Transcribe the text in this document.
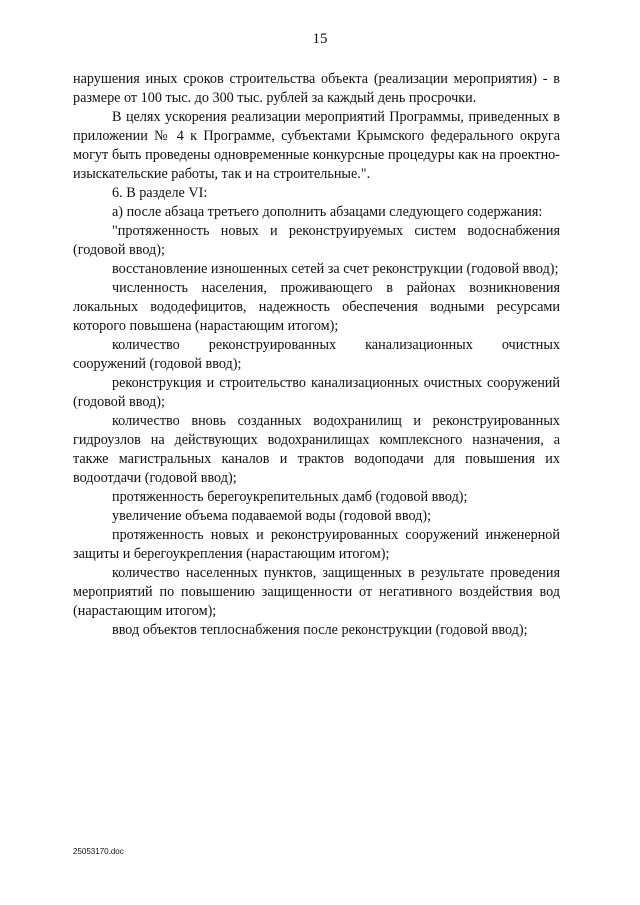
15

нарушения иных сроков строительства объекта (реализации мероприятия) - в размере от 100 тыс. до 300 тыс. рублей за каждый день просрочки.

В целях ускорения реализации мероприятий Программы, приведенных в приложении № 4 к Программе, субъектами Крымского федерального округа могут быть проведены одновременные конкурсные процедуры как на проектно-изыскательские работы, так и на строительные.".

6. В разделе VI:

а) после абзаца третьего дополнить абзацами следующего содержания:

"протяженность новых и реконструируемых систем водоснабжения (годовой ввод);

восстановление изношенных сетей за счет реконструкции (годовой ввод);

численность населения, проживающего в районах возникновения локальных вододефицитов, надежность обеспечения водными ресурсами которого повышена (нарастающим итогом);

количество реконструированных канализационных очистных сооружений (годовой ввод);

реконструкция и строительство канализационных очистных сооружений (годовой ввод);

количество вновь созданных водохранилищ и реконструированных гидроузлов на действующих водохранилищах комплексного назначения, а также магистральных каналов и трактов водоподачи для повышения их водоотдачи (годовой ввод);

протяженность берегоукрепительных дамб (годовой ввод);

увеличение объема подаваемой воды (годовой ввод);

протяженность новых и реконструированных сооружений инженерной защиты и берегоукрепления (нарастающим итогом);

количество населенных пунктов, защищенных в результате проведения мероприятий по повышению защищенности от негативного воздействия вод (нарастающим итогом);

ввод объектов теплоснабжения после реконструкции (годовой ввод);

25053170.doc
